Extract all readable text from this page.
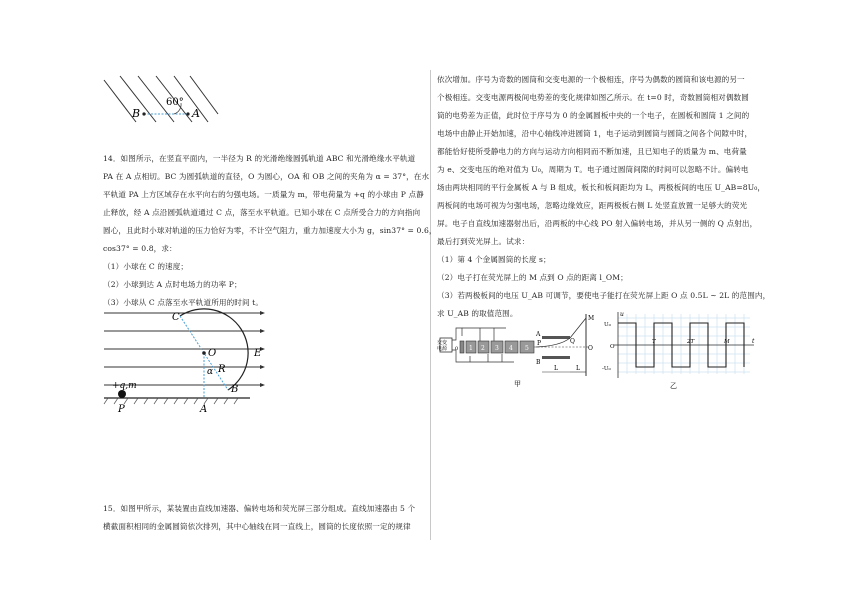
B	A
60°
14．如图所示，在竖直平面内，一半径为 R 的光滑绝缘圆弧轨道 ABC 和光滑绝缘水平轨道
PA 在 A 点相切。BC 为圆弧轨道的直径，O 为圆心，OA 和 OB 之间的夹角为 α = 37°，在水
平轨道 PA 上方区域存在水平向右的匀强电场。一质量为 m，带电荷量为 +q 的小球由 P 点静
止释放，经 A 点沿圆弧轨道通过 C 点，落至水平轨道。已知小球在 C 点所受合力的方向指向
圆心，且此时小球对轨道的压力恰好为零，不计空气阻力，重力加速度大小为 g，sin37° = 0.6，
cos37° = 0.8，求：
（1）小球在 C 的速度；
（2）小球到达 A 点时电场力的功率 P；
（3）小球从 C 点落至水平轨道所用的时间 t。
C
O	E
α R
B
+q,m
P	A
15．如图甲所示，某装置由直线加速器、偏转电场和荧光屏三部分组成。直线加速器由 5 个
横截面积相同的金属圆筒依次排列，其中心轴线在同一直线上，圆筒的长度依照一定的规律
依次增加。序号为奇数的圆筒和交变电源的一个极相连，序号为偶数的圆筒和该电源的另一
个极相连。交变电源两极间电势差的变化规律如图乙所示。在 t=0 时，奇数圆筒相对偶数圆
筒的电势差为正值，此时位于序号为 0 的金属圆板中央的一个电子，在圆板和圆筒 1 之间的
电场中由静止开始加速，沿中心轴线冲进圆筒 1，电子运动到圆筒与圆筒之间各个间隙中时，
都能恰好使所受静电力的方向与运动方向相同而不断加速，且已知电子的质量为 m、电荷量
为 e、交变电压的绝对值为 U₀，周期为 T。电子通过圆筒间隙的时间可以忽略不计。偏转电
场由两块相同的平行金属板 A 与 B 组成，板长和板间距均为 L，两极板间的电压 U_AB=8U₀，
两板间的电场可视为匀强电场，忽略边缘效应，距两极板右侧 L 处竖直放置一足够大的荧光
屏。电子自直线加速器射出后，沿两板的中心线 PO 射入偏转电场，并从另一侧的 Q 点射出，
最后打到荧光屏上。试求：
（1）第 4 个金属圆筒的长度 s；
（2）电子打在荧光屏上的 M 点到 O 点的距离 l_OM；
（3）若两极板间的电压 U_AB 可调节，要使电子能打在荧光屏上距 O 点 0.5L ~ 2L 的范围内，
求 U_AB 的取值范围。
交变
电源 0 1 2 3 4 5
A
B
P	Q
M
O
L	L
甲
u
U₀
-U₀
O
T	2T	M	t
乙
